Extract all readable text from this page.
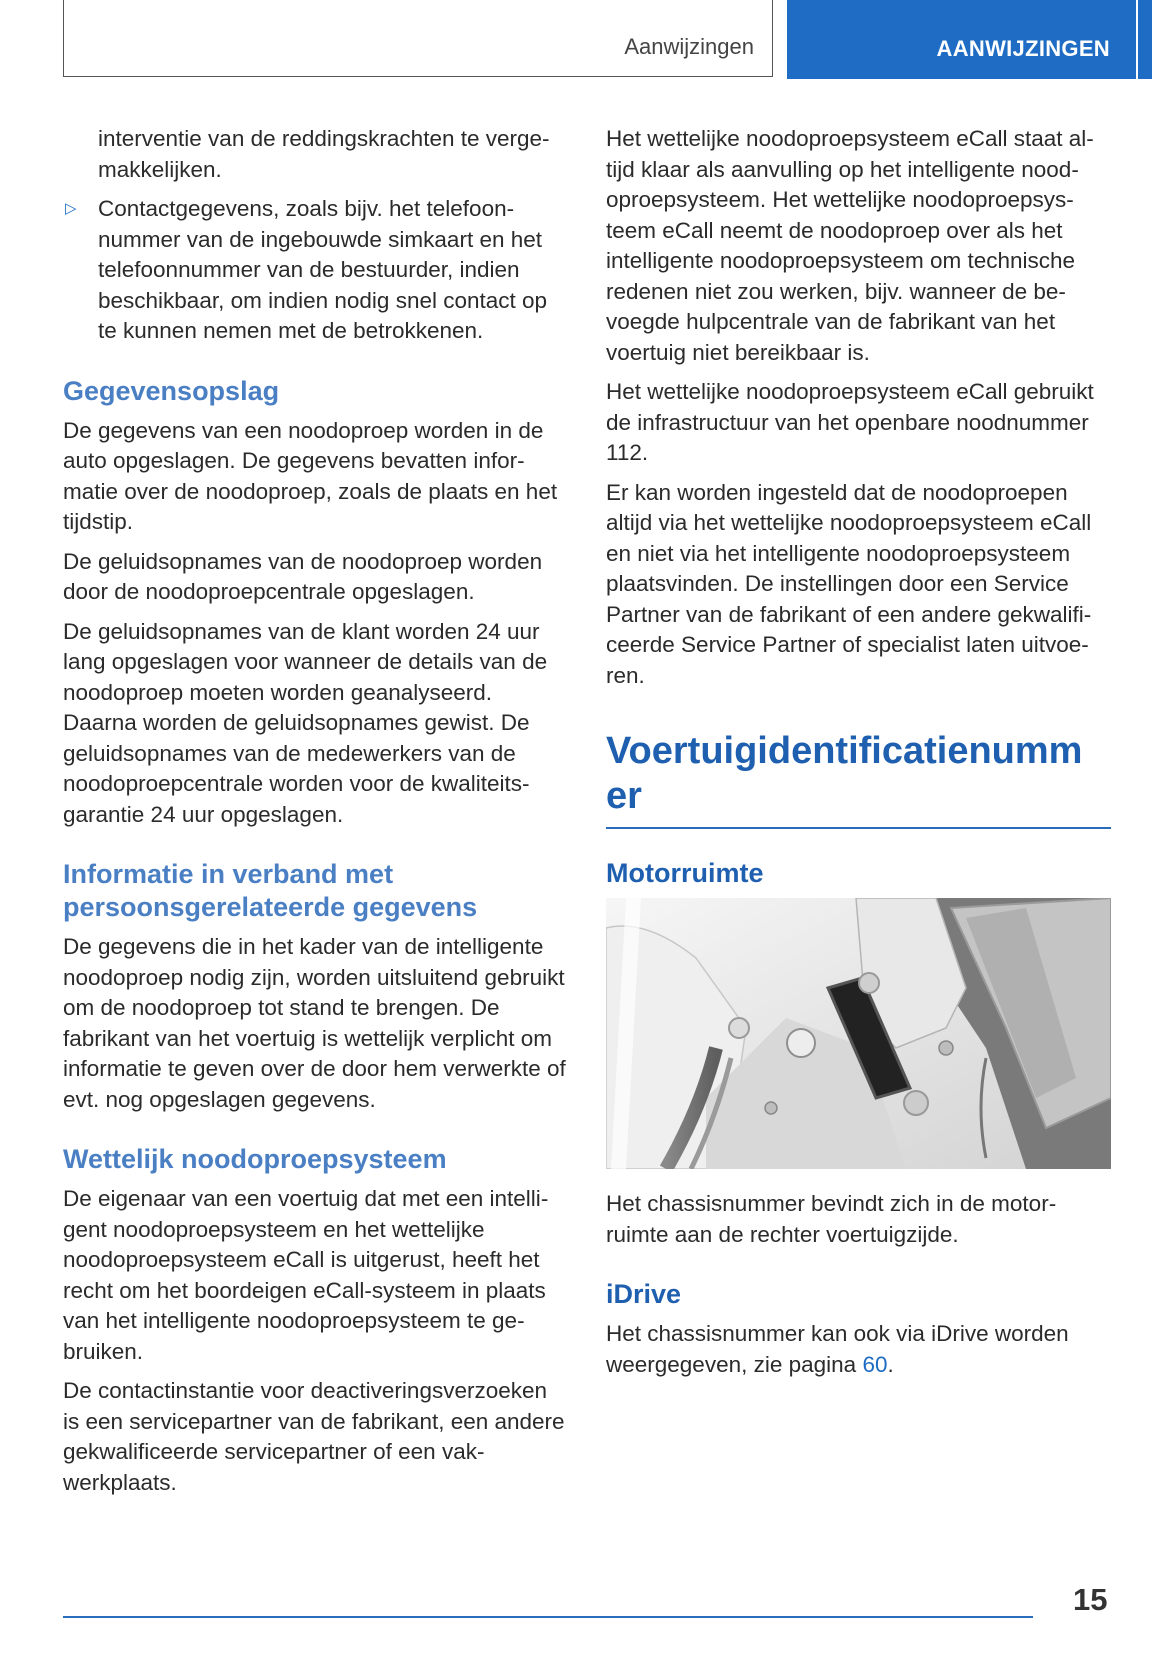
Aanwijzingen	AANWIJZINGEN

interventie van de reddingskrachten te vergemakkelijken.

▷ Contactgegevens, zoals bijv. het telefoonnummer van de ingebouwde simkaart en het telefoonnummer van de bestuurder, indien beschikbaar, om indien nodig snel contact op te kunnen nemen met de betrokkenen.
Gegevensopslag

De gegevens van een noodoproep worden in de auto opgeslagen. De gegevens bevatten informatie over de noodoproep, zoals de plaats en het tijdstip.

De geluidsopnames van de noodoproep worden door de noodoproepcentrale opgeslagen.

De geluidsopnames van de klant worden 24 uur lang opgeslagen voor wanneer de details van de noodoproep moeten worden geanalyseerd. Daarna worden de geluidsopnames gewist. De geluidsopnames van de medewerkers van de noodoproepcentrale worden voor de kwaliteitsgarantie 24 uur opgeslagen.

Informatie in verband met persoonsgerelateerde gegevens

De gegevens die in het kader van de intelligente noodoproep nodig zijn, worden uitsluitend gebruikt om de noodoproep tot stand te brengen. De fabrikant van het voertuig is wettelijk verplicht om informatie te geven over de door hem verwerkte of evt. nog opgeslagen gegevens.

Wettelijk noodoproepsysteem

De eigenaar van een voertuig dat met een intelligent noodoproepsysteem en het wettelijke noodoproepsysteem eCall is uitgerust, heeft het recht om het boordeigen eCall-systeem in plaats van het intelligente noodoproepsysteem te gebruiken.

De contactinstantie voor deactiveringsverzoeken is een servicepartner van de fabrikant, een andere gekwalificeerde servicepartner of een vakwerkplaats.

Het wettelijke noodoproepsysteem eCall staat altijd klaar als aanvulling op het intelligente noodoproepsysteem. Het wettelijke noodoproepsysteem eCall neemt de noodoproep over als het intelligente noodoproepsysteem om technische redenen niet zou werken, bijv. wanneer de bevoegde hulpcentrale van de fabrikant van het voertuig niet bereikbaar is.

Het wettelijke noodoproepsysteem eCall gebruikt de infrastructuur van het openbare noodnummer 112.

Er kan worden ingesteld dat de noodoproepen altijd via het wettelijke noodoproepsysteem eCall en niet via het intelligente noodoproepsysteem plaatsvinden. De instellingen door een Service Partner van de fabrikant of een andere gekwalificeerde Service Partner of specialist laten uitvoeren.

Voertuigidentificatienumm er
Motorruimte

Het chassisnummer bevindt zich in de motorruimte aan de rechter voertuigzijde.

iDrive

Het chassisnummer kan ook via iDrive worden weergegeven, zie pagina 60.

15
